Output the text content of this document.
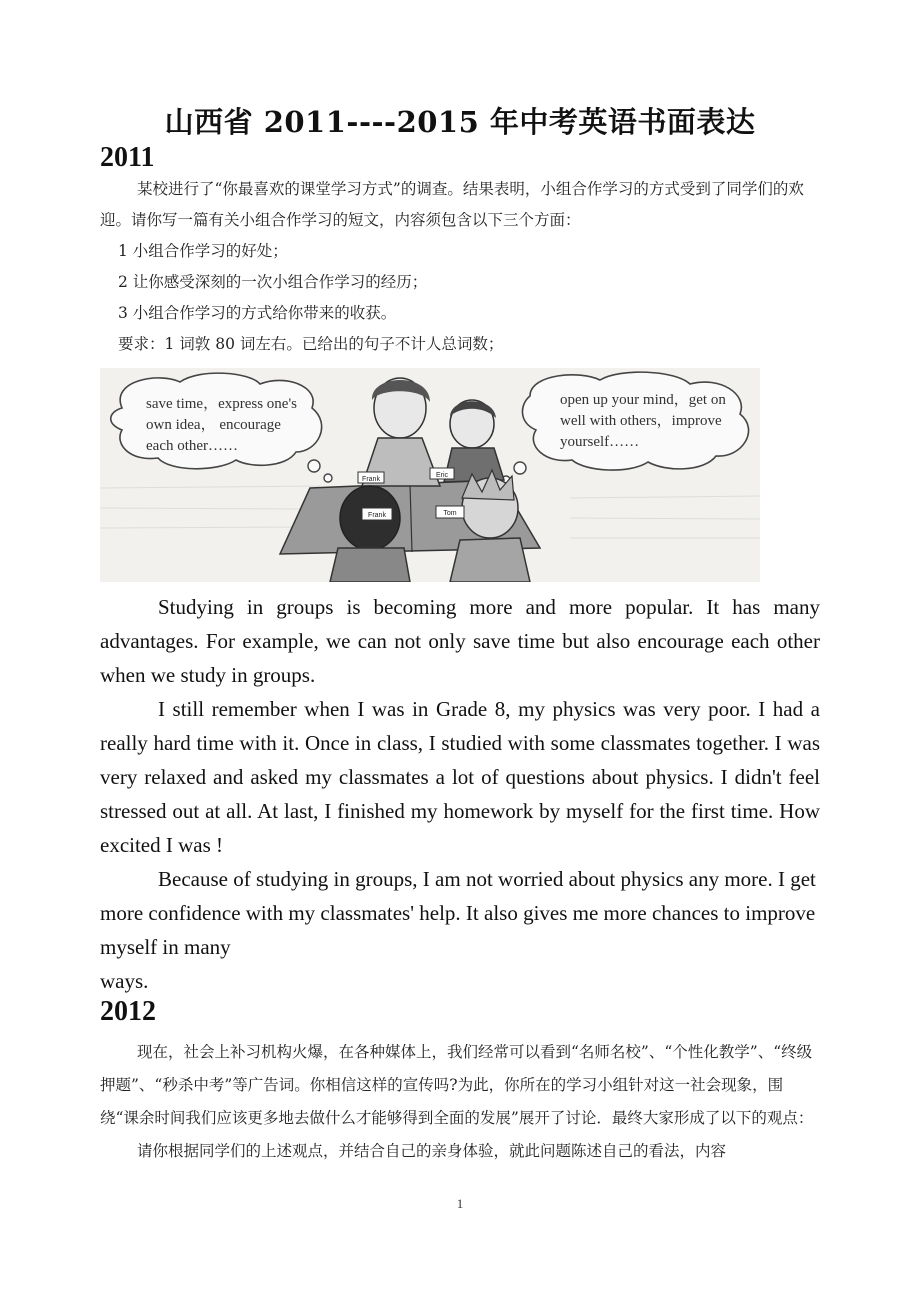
山西省 2011----2015 年中考英语书面表达
2011

某校进行了“你最喜欢的课堂学习方式”的调查。结果表明，小组合作学习的方式受到了同学们的欢迎。请你写一篇有关小组合作学习的短文，内容须包含以下三个方面：

1 小组合作学习的好处；

2 让你感受深刻的一次小组合作学习的经历；

3 小组合作学习的方式给你带来的收获。

要求：1 词敦 80 词左右。已给出的句子不计人总词数；

Frank
Eric
Frank	Tom
save time，express one's
own idea， encourage
each other……
open up your mind，get on
well with others，improve
yourself……

Studying in groups is becoming more and more popular. It has many advantages. For example, we can not only save time but also encourage each other when we study in groups.

I still remember when I was in Grade 8, my physics was very poor. I had a really hard time with it. Once in class, I studied with some classmates together. I was very relaxed and asked my classmates a lot of questions about physics. I didn't feel stressed out at all. At last, I finished my homework by myself for the first time. How excited I was !

Because of studying in groups, I am not worried about physics any more. I get more confidence with my classmates' help. It also gives me more chances to improve myself in many

ways.

2012

现在，社会上补习机构火爆，在各种媒体上，我们经常可以看到“名师名校”、“个性化教学”、“终级押题”、“秒杀中考”等广告词。你相信这样的宣传吗?为此，你所在的学习小组针对这一社会现象，围绕“课余时间我们应该更多地去做什么才能够得到全面的发展”展开了讨论．最终大家形成了以下的观点：

请你根据同学们的上述观点，并结合自己的亲身体验，就此问题陈述自己的看法，内容

1
